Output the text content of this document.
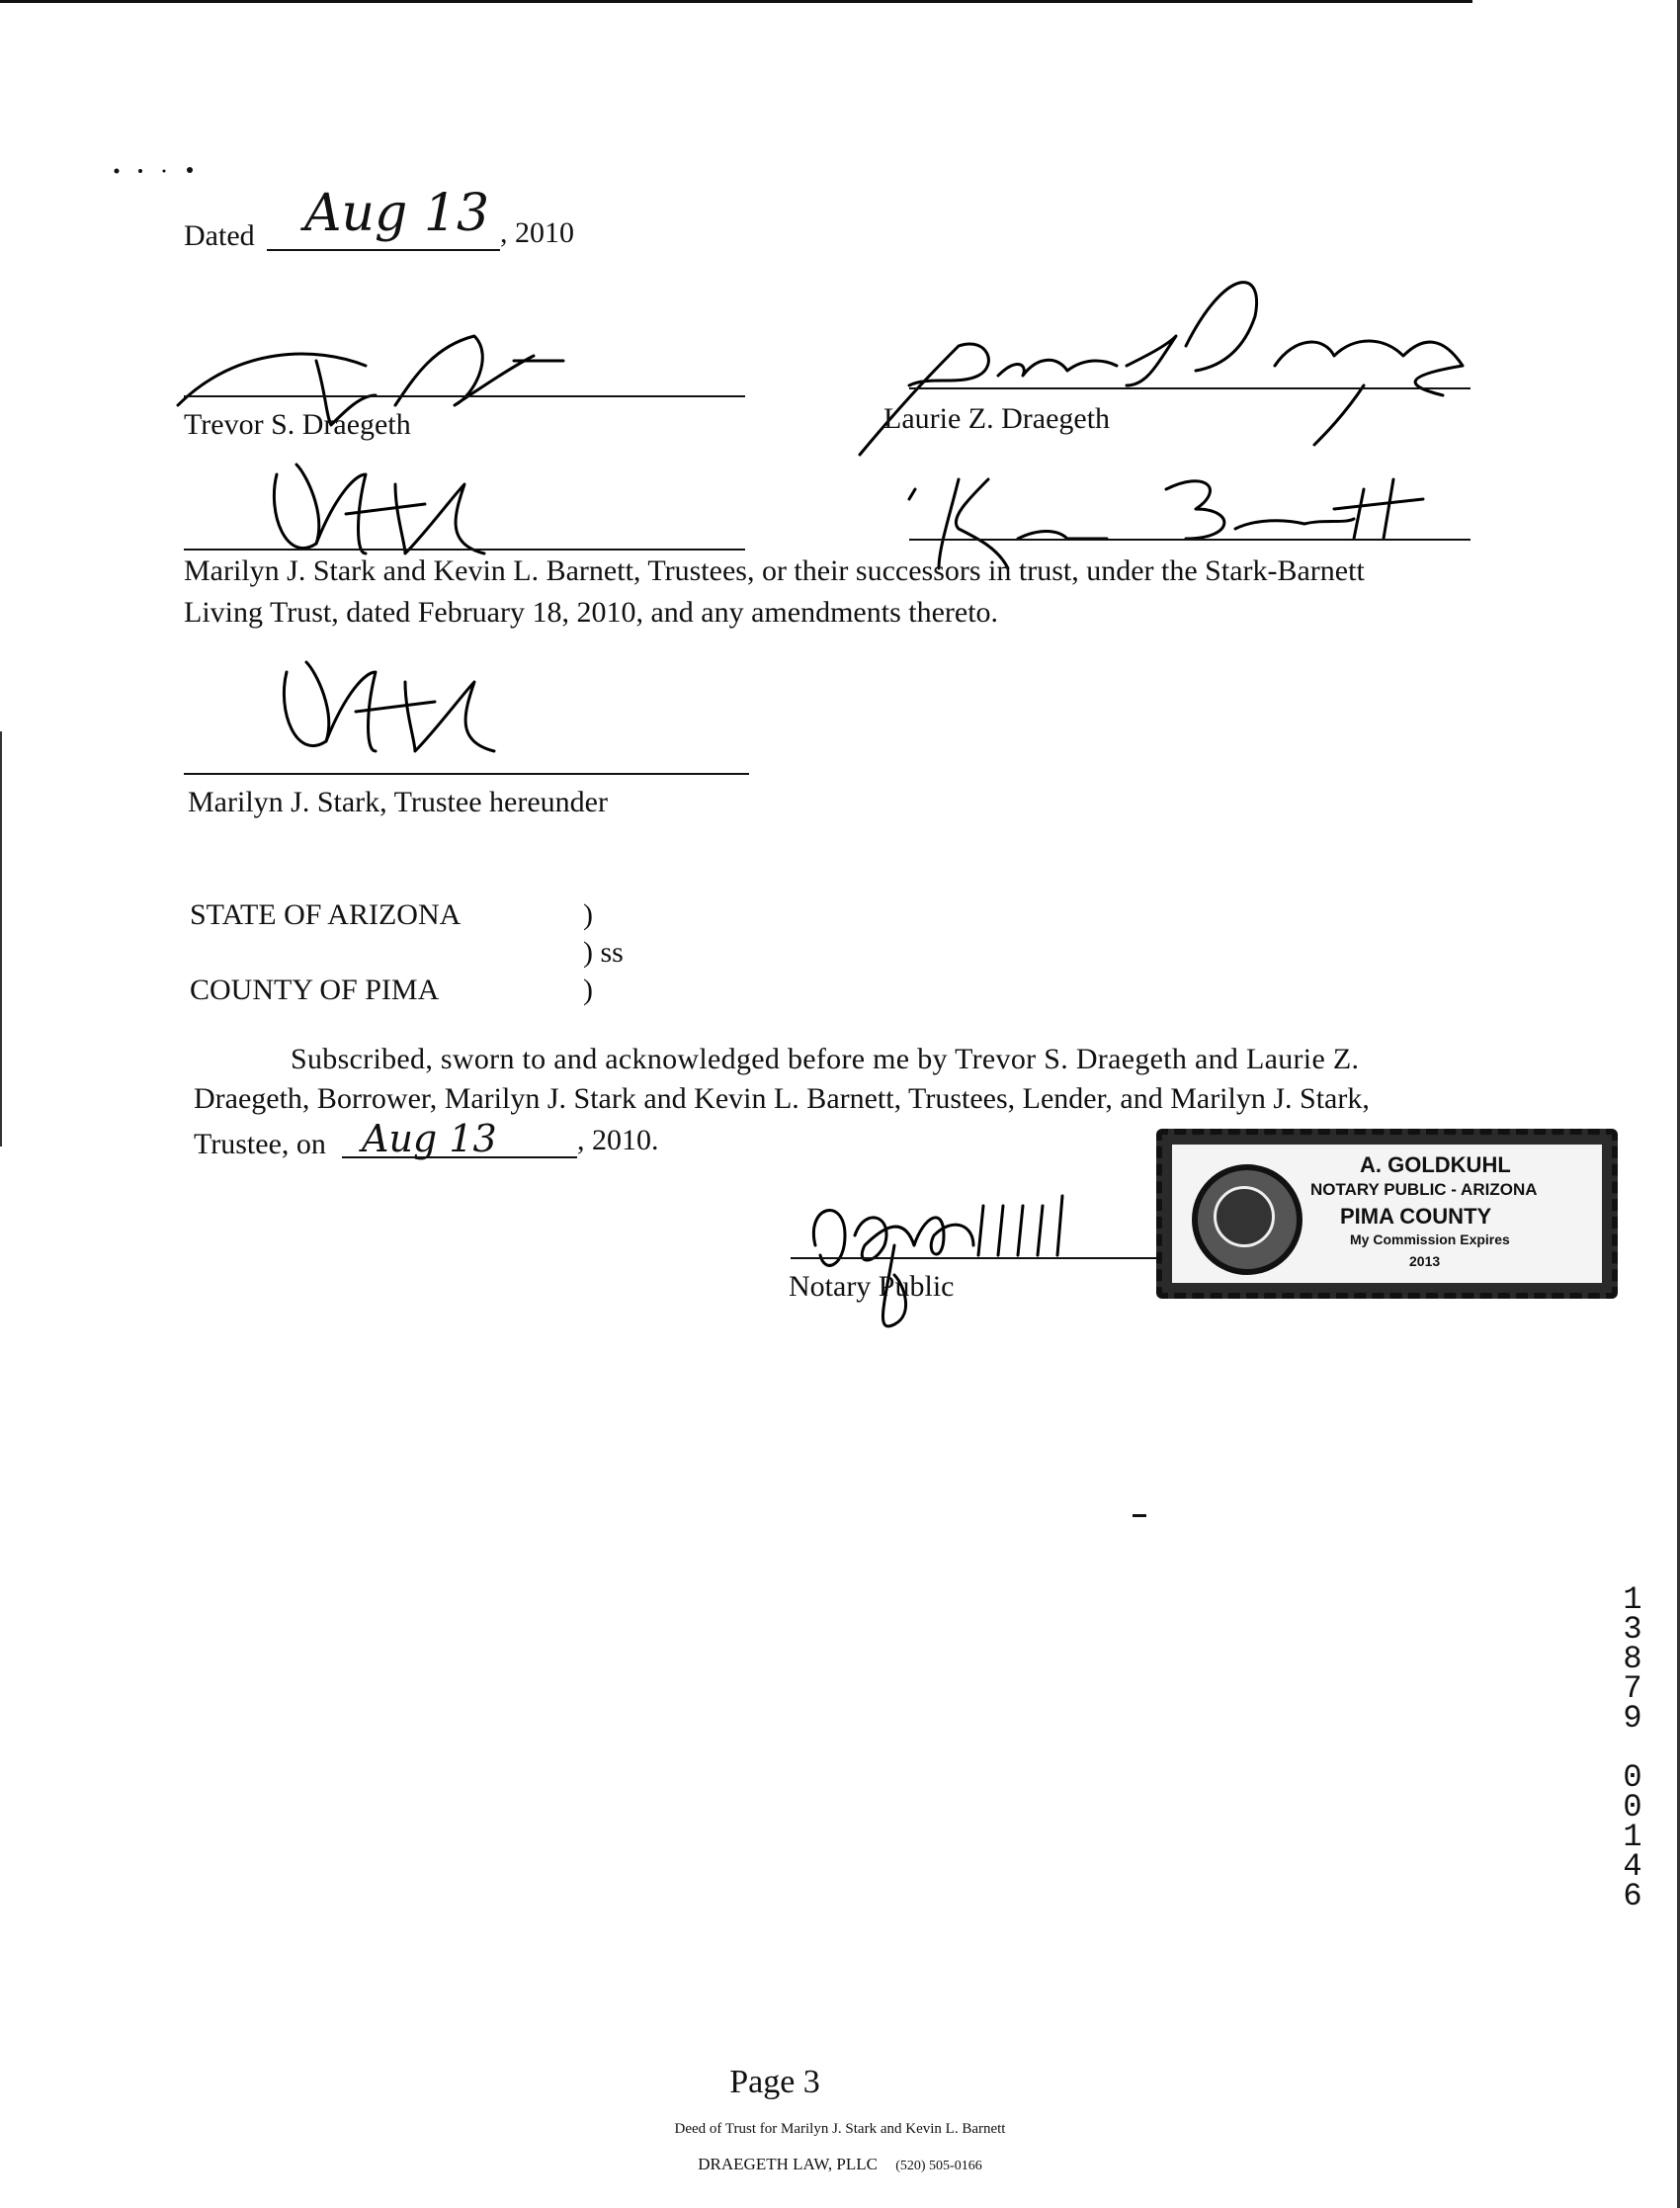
Dated Aug 13 , 2010
Trevor S. Draegeth	Laurie Z. Draegeth
Marilyn J. Stark and Kevin L. Barnett, Trustees, or their successors in trust, under the Stark-Barnett
Living Trust, dated February 18, 2010, and any amendments thereto.
Marilyn J. Stark, Trustee hereunder
STATE OF ARIZONA	)
) ss
COUNTY OF PIMA	)
Subscribed, sworn to and acknowledged before me by Trevor S. Draegeth and Laurie Z.
Draegeth, Borrower, Marilyn J. Stark and Kevin L. Barnett, Trustees, Lender, and Marilyn J. Stark,
Trustee, on Aug 13	, 2010.
Notary Public
A. GOLDKUHL
NOTARY PUBLIC - ARIZONA
PIMA COUNTY
My Commission Expires
2013
1
3
8
7
9
0
0
1
4
6
Page 3
Deed of Trust for Marilyn J. Stark and Kevin L. Barnett
DRAEGETH LAW, PLLC (520) 505-0166
